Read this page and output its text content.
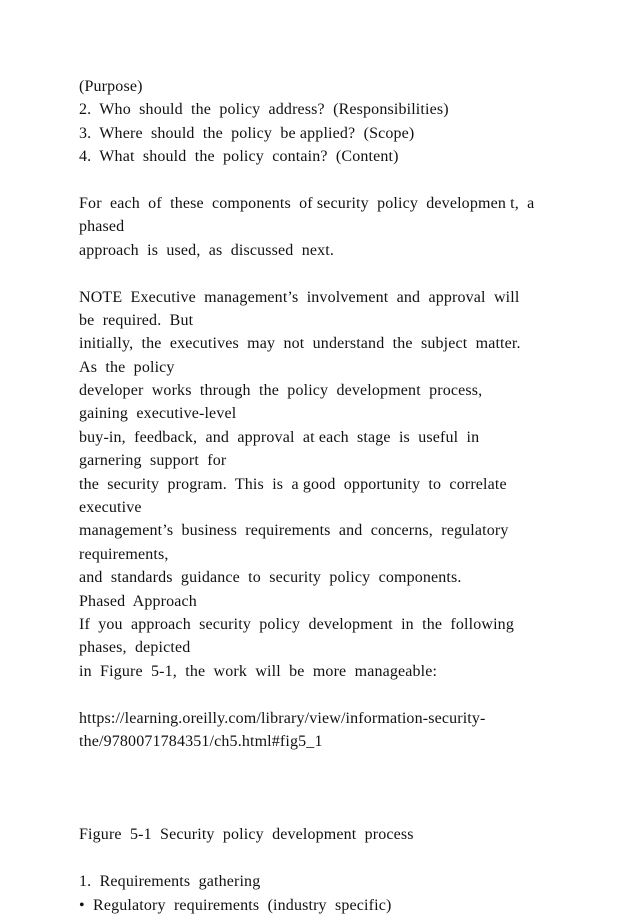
(Purpose)
2.  Who  should  the  policy  address?  (Responsibilities)
3.  Where  should  the  policy  be applied?  (Scope)
4.  What  should  the  policy  contain?  (Content)
For  each  of  these  components  of security  policy  developmen t,  a
phased
approach  is  used,  as  discussed  next.
NOTE  Executive  management’s  involvement  and  approval  will
be  required.  But
initially,  the  executives  may  not  understand  the  subject  matter.
As  the  policy
developer  works  through  the  policy  development  process,
gaining  executive-level
buy-in,  feedback,  and  approval  at each  stage  is  useful  in
garnering  support  for
the  security  program.  This  is  a good  opportunity  to  correlate
executive
management’s  business  requirements  and  concerns,  regulatory
requirements,
and  standards  guidance  to  security  policy  components.
Phased  Approach
If  you  approach  security  policy  development  in  the  following
phases,  depicted
in  Figure  5-1,  the  work  will  be  more  manageable:
https://learning.oreilly.com/library/view/information-security-
the/9780071784351/ch5.html#fig5_1
Figure  5-1  Security  policy  development  process
1.  Requirements  gathering
•  Regulatory  requirements  (industry  specific)
